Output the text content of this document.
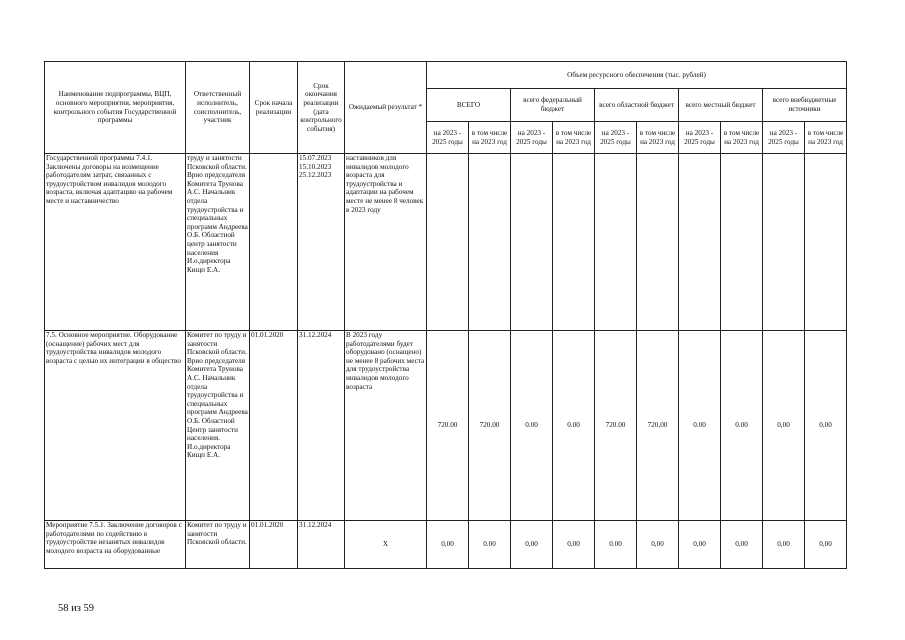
Наименование подпрограммы, ВЦП, основного мероприятия, мероприятия, контрольного события Государственной программы	Ответственный исполнитель, соисполнитель, участник	Срок начала реализации	Срок окончания реализации (дата контрольного события)	Ожидаемый результат *	Объем ресурсного обеспечения (тыс. рублей)									
					ВСЕГО		всего федеральный бюджет		всего областной бюджет		всего местный бюджет		всего внебюджетные источники	
					на 2023 - 2025 годы	в том числе на 2023 год	на 2023 - 2025 годы	в том числе на 2023 год	на 2023 - 2025 годы	в том числе на 2023 год	на 2023 - 2025 годы	в том числе на 2023 год	на 2023 - 2025 годы	в том числе на 2023 год
Государственной программы 7.4.1. Заключены договоры на возмещение работодателям затрат, связанных с трудоустройством инвалидов молодого возраста, включая адаптацию на рабочем месте и наставничество	труду и занятости Псковской области. Врио председателя Комитета Трунова А.С. Начальник отдела трудоустройства и специальных программ Андреева О.Б. Областной центр занятости населения И.о.директора Кищп Е.А.		15.07.2023 15.10.2023 25.12.2023	наставников для инвалидов молодого возраста для трудоустройства и адаптации на рабочем месте не менее 8 человек в 2023 году										
7.5. Основное мероприятие. Оборудование (оснащение) рабочих мест для трудоустройства инвалидов молодого возраста с целью их интеграции в общество	Комитет по труду и занятости Псковской области. Врио председателя Комитета Трунова А.С. Начальник отдела трудоустройства и специальных программ Андреева О.Б. Областной Центр занятости населения. И.о.директора Кищп Е.А.	01.01.2020	31.12.2024	В 2023 году работодателями будет оборудовано (оснащено) не менее 8 рабочих места для трудоустройства инвалидов молодого возраста	720.00	720.00	0.00	0.00	720.00	720,00	0.00	0.00	0,00	0,00
Мероприятие 7.5.1. Заключение договоров с работодателями по содействию в трудоустройстве незанятых инвалидов молодого возраста на оборудованные	Комитет по труду и занятости Псковской области.	01.01.2020	31.12.2024	X	0,00	0.00	0,00	0,00	0.00	0,00	0,00	0,00	0,00	0,00
58 из 59
